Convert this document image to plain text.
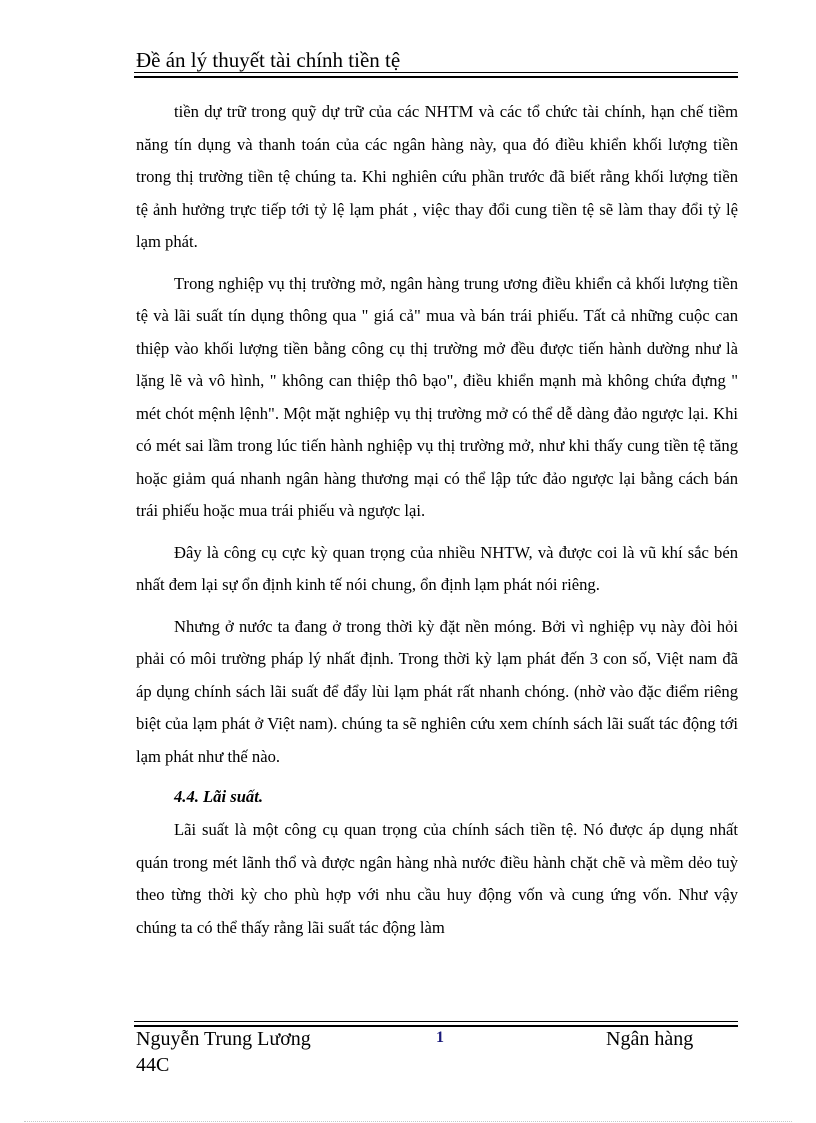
Đề án lý thuyết tài chính tiền tệ

tiền dự trữ trong quỹ dự trữ của các NHTM và các tổ chức tài chính, hạn chế tiềm năng tín dụng và thanh toán của các ngân hàng này, qua đó điều khiển khối lượng tiền trong thị trường tiền tệ chúng ta. Khi nghiên cứu phần trước đã biết rằng khối lượng tiền tệ ảnh hưởng trực tiếp tới tỷ lệ lạm phát , việc thay đổi cung tiền tệ sẽ làm thay đổi tỷ lệ lạm phát.

Trong nghiệp vụ thị trường mở, ngân hàng trung ương điều khiển cả khối lượng tiền tệ và lãi suất tín dụng thông qua " giá cả" mua và bán trái phiếu. Tất cả những cuộc can thiệp vào khối lượng tiền bằng công cụ thị trường mở đều được tiến hành dường như là lặng lẽ và vô hình, " không can thiệp thô bạo", điều khiển mạnh mà không chứa đựng " mét chót mệnh lệnh". Một mặt nghiệp vụ thị trường mở có thể dễ dàng đảo ngược lại. Khi có mét sai lầm trong lúc tiến hành nghiệp vụ thị trường mở, như khi thấy cung tiền tệ tăng hoặc giảm quá nhanh ngân hàng thương mại có thể lập tức đảo ngược lại bằng cách bán trái phiếu hoặc mua trái phiếu và ngược lại.

Đây là công cụ cực kỳ quan trọng của nhiều NHTW, và được coi là vũ khí sắc bén nhất đem lại sự ổn định kinh tế nói chung, ổn định lạm phát nói riêng.

Nhưng ở nước ta đang ở trong thời kỳ đặt nền móng. Bởi vì nghiệp vụ này đòi hỏi phải có môi trường pháp lý nhất định. Trong thời kỳ lạm phát đến 3 con số, Việt nam đã áp dụng chính sách lãi suất để đẩy lùi lạm phát rất nhanh chóng. (nhờ vào đặc điểm riêng biệt của lạm phát ở Việt nam). chúng ta sẽ nghiên cứu xem chính sách lãi suất tác động tới lạm phát như thế nào.

4.4. Lãi suất.

Lãi suất là một công cụ quan trọng của chính sách tiền tệ. Nó được áp dụng nhất quán trong mét lãnh thổ và được ngân hàng nhà nước điều hành chặt chẽ và mềm dẻo tuỳ theo từng thời kỳ cho phù hợp với nhu cầu huy động vốn và cung ứng vốn. Như vậy chúng ta có thể thấy rằng lãi suất tác động làm

Nguyễn Trung Lương
44C
1	Ngân hàng
